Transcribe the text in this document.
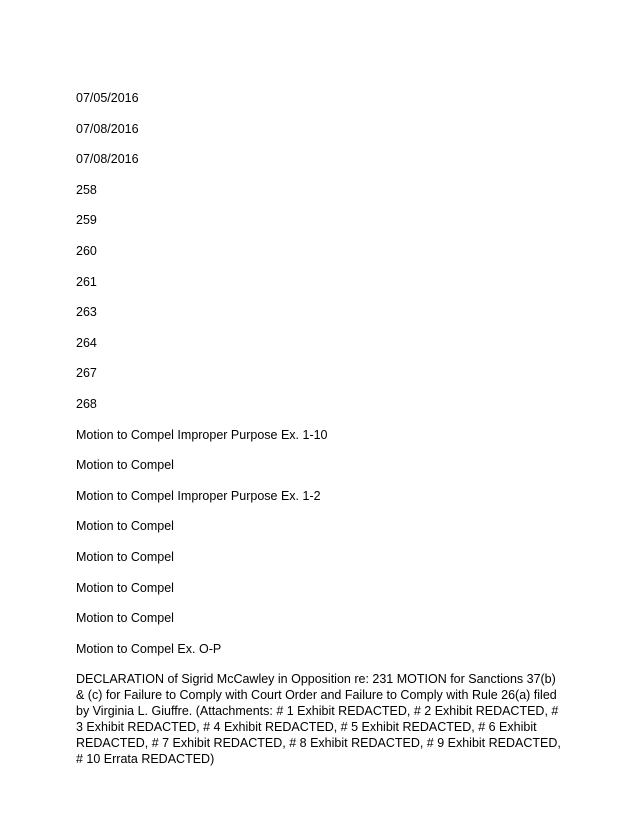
07/05/2016
07/08/2016
07/08/2016
258
259
260
261
263
264
267
268
Motion to Compel Improper Purpose Ex. 1-10
Motion to Compel
Motion to Compel Improper Purpose Ex. 1-2
Motion to Compel
Motion to Compel
Motion to Compel
Motion to Compel
Motion to Compel Ex. O-P

DECLARATION of Sigrid McCawley in Opposition re: 231 MOTION for Sanctions 37(b) & (c) for Failure to Comply with Court Order and Failure to Comply with Rule 26(a) filed by Virginia L. Giuffre. (Attachments: # 1 Exhibit REDACTED, # 2 Exhibit REDACTED, # 3 Exhibit REDACTED, # 4 Exhibit REDACTED, # 5 Exhibit REDACTED, # 6 Exhibit REDACTED, # 7 Exhibit REDACTED, # 8 Exhibit REDACTED, # 9 Exhibit REDACTED, # 10 Errata REDACTED)
